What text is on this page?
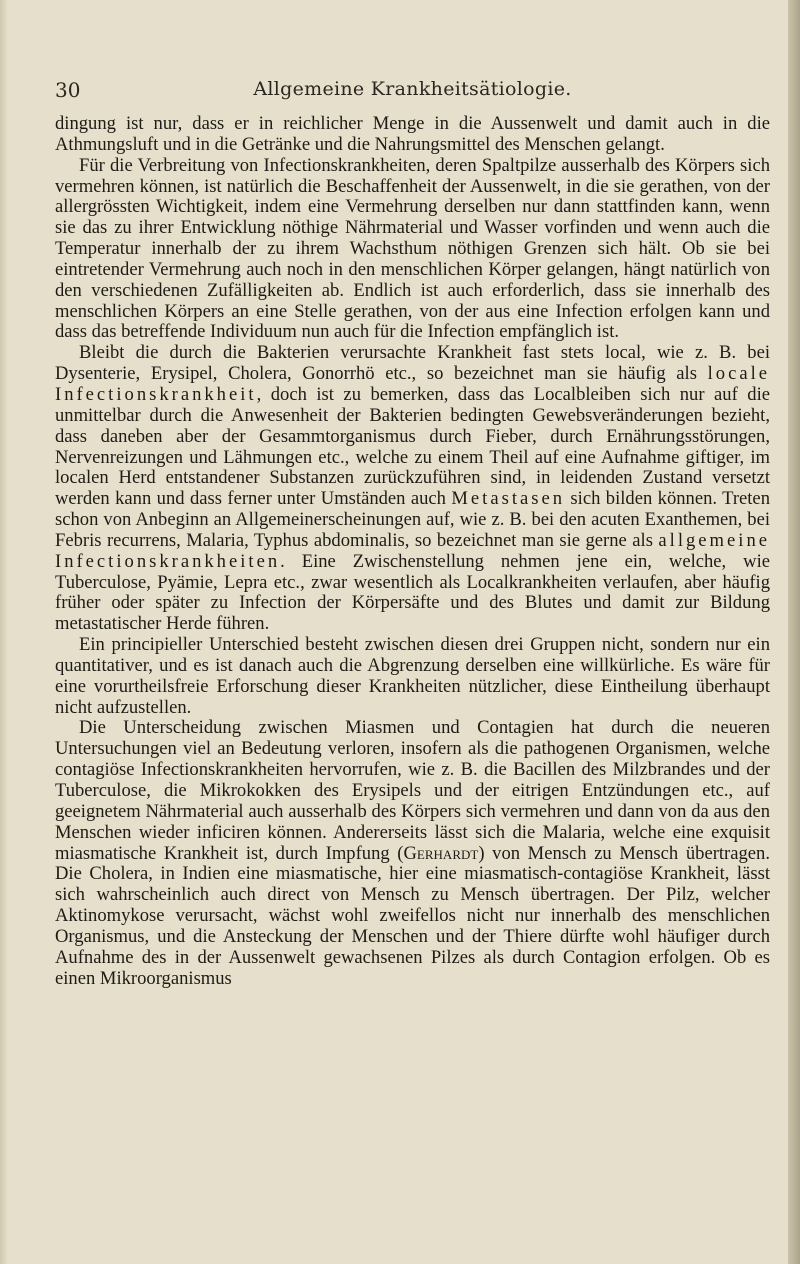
30	Allgemeine Krankheitsätiologie.

dingung ist nur, dass er in reichlicher Menge in die Aussenwelt und damit auch in die Athmungsluft und in die Getränke und die Nahrungsmittel des Menschen gelangt.

Für die Verbreitung von Infectionskrankheiten, deren Spaltpilze ausserhalb des Körpers sich vermehren können, ist natürlich die Beschaffenheit der Aussenwelt, in die sie gerathen, von der allergrössten Wichtigkeit, indem eine Vermehrung derselben nur dann stattfinden kann, wenn sie das zu ihrer Entwicklung nöthige Nährmaterial und Wasser vorfinden und wenn auch die Temperatur innerhalb der zu ihrem Wachsthum nöthigen Grenzen sich hält. Ob sie bei eintretender Vermehrung auch noch in den menschlichen Körper gelangen, hängt natürlich von den verschiedenen Zufälligkeiten ab. Endlich ist auch erforderlich, dass sie innerhalb des menschlichen Körpers an eine Stelle gerathen, von der aus eine Infection erfolgen kann und dass das betreffende Individuum nun auch für die Infection empfänglich ist.

Bleibt die durch die Bakterien verursachte Krankheit fast stets local, wie z. B. bei Dysenterie, Erysipel, Cholera, Gonorrhö etc., so bezeichnet man sie häufig als locale Infectionskrankheit, doch ist zu bemerken, dass das Localbleiben sich nur auf die unmittelbar durch die Anwesenheit der Bakterien bedingten Gewebsveränderungen bezieht, dass daneben aber der Gesammtorganismus durch Fieber, durch Ernährungsstörungen, Nervenreizungen und Lähmungen etc., welche zu einem Theil auf eine Aufnahme giftiger, im localen Herd entstandener Substanzen zurückzuführen sind, in leidenden Zustand versetzt werden kann und dass ferner unter Umständen auch Metastasen sich bilden können. Treten schon von Anbeginn an Allgemeinerscheinungen auf, wie z. B. bei den acuten Exanthemen, bei Febris recurrens, Malaria, Typhus abdominalis, so bezeichnet man sie gerne als allgemeine Infectionskrankheiten. Eine Zwischenstellung nehmen jene ein, welche, wie Tuberculose, Pyämie, Lepra etc., zwar wesentlich als Localkrankheiten verlaufen, aber häufig früher oder später zu Infection der Körpersäfte und des Blutes und damit zur Bildung metastatischer Herde führen.

Ein principieller Unterschied besteht zwischen diesen drei Gruppen nicht, sondern nur ein quantitativer, und es ist danach auch die Abgrenzung derselben eine willkürliche. Es wäre für eine vorurtheilsfreie Erforschung dieser Krankheiten nützlicher, diese Eintheilung überhaupt nicht aufzustellen.

Die Unterscheidung zwischen Miasmen und Contagien hat durch die neueren Untersuchungen viel an Bedeutung verloren, insofern als die pathogenen Organismen, welche contagiöse Infectionskrankheiten hervorrufen, wie z. B. die Bacillen des Milzbrandes und der Tuberculose, die Mikrokokken des Erysipels und der eitrigen Entzündungen etc., auf geeignetem Nährmaterial auch ausserhalb des Körpers sich vermehren und dann von da aus den Menschen wieder inficiren können. Andererseits lässt sich die Malaria, welche eine exquisit miasmatische Krankheit ist, durch Impfung (Gerhardt) von Mensch zu Mensch übertragen. Die Cholera, in Indien eine miasmatische, hier eine miasmatisch-contagiöse Krankheit, lässt sich wahrscheinlich auch direct von Mensch zu Mensch übertragen. Der Pilz, welcher Aktinomykose verursacht, wächst wohl zweifellos nicht nur innerhalb des menschlichen Organismus, und die Ansteckung der Menschen und der Thiere dürfte wohl häufiger durch Aufnahme des in der Aussenwelt gewachsenen Pilzes als durch Contagion erfolgen. Ob es einen Mikroorganismus
